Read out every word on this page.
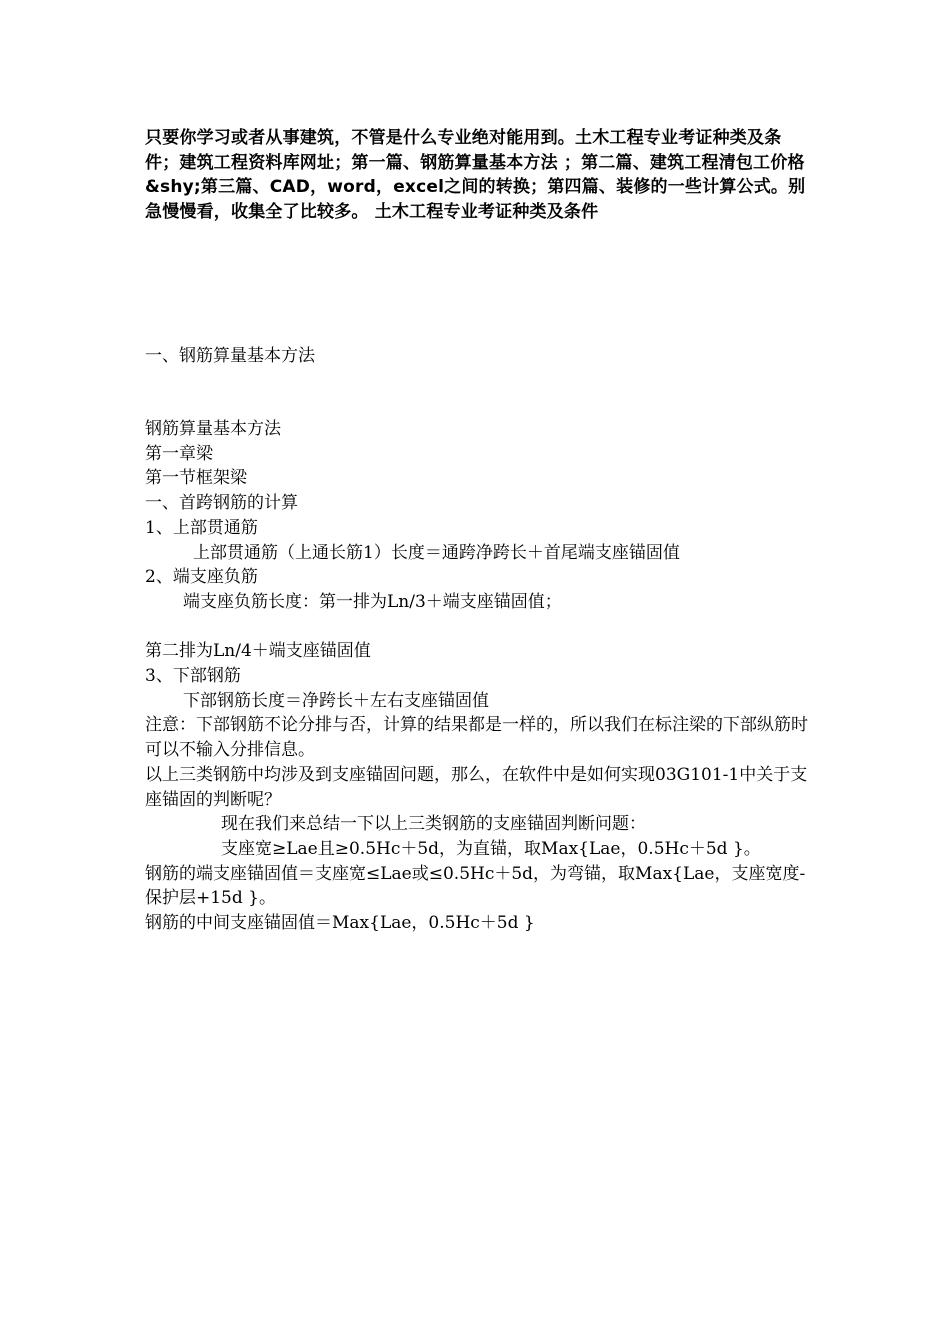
只要你学习或者从事建筑，不管是什么专业绝对能用到。土木工程专业考证种类及条件；建筑工程资料库网址；第一篇、钢筋算量基本方法 ；第二篇、建筑工程清包工价格&shy;第三篇、CAD，word，excel之间的转换；第四篇、装修的一些计算公式。别急慢慢看，收集全了比较多。 土木工程专业考证种类及条件

一、钢筋算量基本方法

钢筋算量基本方法
第一章梁
第一节框架梁
一、首跨钢筋的计算
1、上部贯通筋
上部贯通筋（上通长筋1）长度＝通跨净跨长＋首尾端支座锚固值
2、端支座负筋
端支座负筋长度：第一排为Ln/3＋端支座锚固值；
第二排为Ln/4＋端支座锚固值
3、下部钢筋
下部钢筋长度＝净跨长＋左右支座锚固值
注意：下部钢筋不论分排与否，计算的结果都是一样的，所以我们在标注梁的下部纵筋时可以不输入分排信息。
以上三类钢筋中均涉及到支座锚固问题，那么，在软件中是如何实现03G101-1中关于支座锚固的判断呢？
现在我们来总结一下以上三类钢筋的支座锚固判断问题：
支座宽≥Lae且≥0.5Hc＋5d，为直锚，取Max{Lae，0.5Hc＋5d }。
钢筋的端支座锚固值＝支座宽≤Lae或≤0.5Hc＋5d，为弯锚，取Max{Lae，支座宽度-保护层+15d }。
钢筋的中间支座锚固值＝Max{Lae，0.5Hc＋5d }
